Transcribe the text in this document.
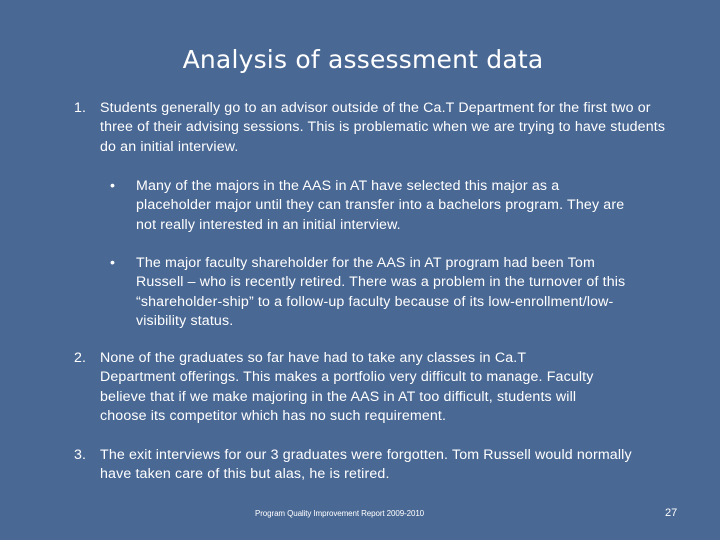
Analysis of assessment data
1. Students generally go to an advisor outside of the Ca.T Department for the first two or three of their advising sessions. This is problematic when we are trying to have students do an initial interview.
• Many of the majors in the AAS in AT have selected this major as a placeholder major until they can transfer into a bachelors program. They are not really interested in an initial interview.
• The major faculty shareholder for the AAS in AT program had been Tom Russell – who is recently retired. There was a problem in the turnover of this “shareholder-ship” to a follow-up faculty because of its low-enrollment/low-visibility status.
2. None of the graduates so far have had to take any classes in Ca.T Department offerings. This makes a portfolio very difficult to manage. Faculty believe that if we make majoring in the AAS in AT too difficult, students will choose its competitor which has no such requirement.
3. The exit interviews for our 3 graduates were forgotten. Tom Russell would normally have taken care of this but alas, he is retired.
Program Quality Improvement Report 2009-2010	27
